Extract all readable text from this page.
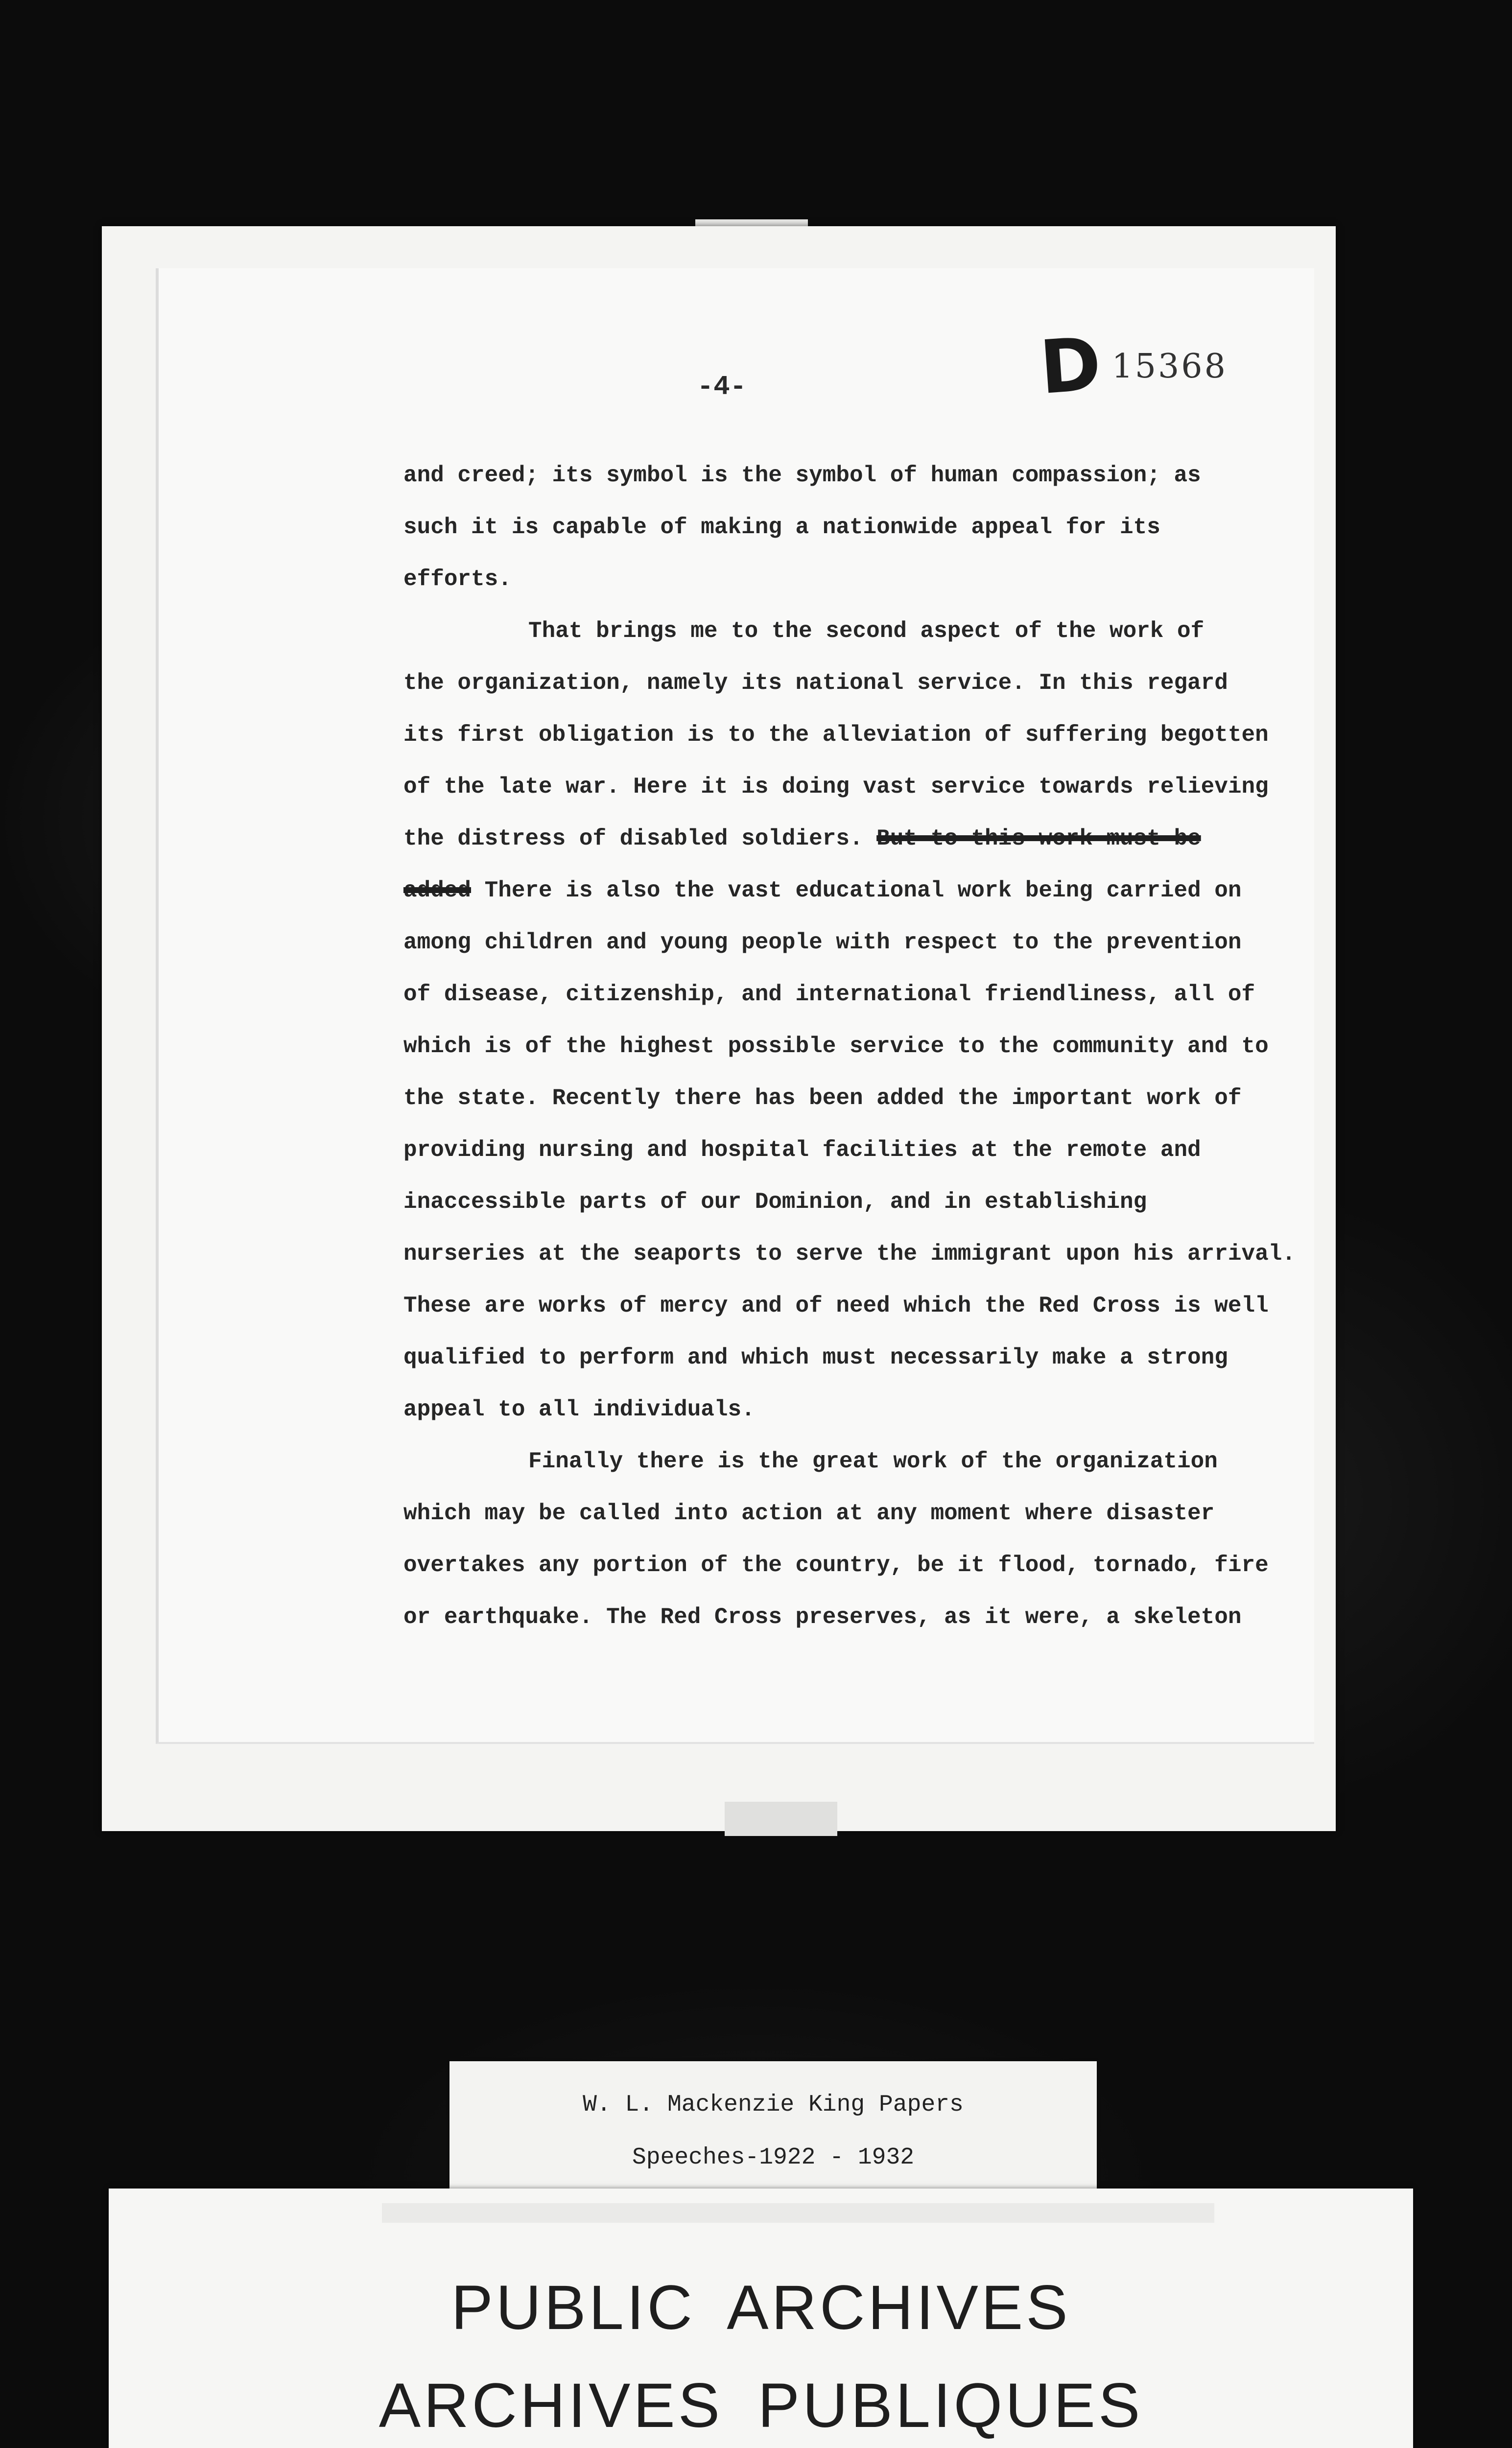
-4-	D 15368
and creed; its symbol is the symbol of human compassion; as
such it is capable of making a nationwide appeal for its
efforts.
That brings me to the second aspect of the work of
the organization, namely its national service. In this regard
its first obligation is to the alleviation of suffering begotten
of the late war. Here it is doing vast service towards relieving
the distress of disabled soldiers. But to this work must be
added There is also the vast educational work being carried on
among children and young people with respect to the prevention
of disease, citizenship, and international friendliness, all of
which is of the highest possible service to the community and to
the state. Recently there has been added the important work of
providing nursing and hospital facilities at the remote and
inaccessible parts of our Dominion, and in establishing
nurseries at the seaports to serve the immigrant upon his arrival.
These are works of mercy and of need which the Red Cross is well
qualified to perform and which must necessarily make a strong
appeal to all individuals.
Finally there is the great work of the organization
which may be called into action at any moment where disaster
overtakes any portion of the country, be it flood, tornado, fire
or earthquake. The Red Cross preserves, as it were, a skeleton
W. L. Mackenzie King Papers
Speeches-1922 - 1932
PUBLIC ARCHIVES
ARCHIVES PUBLIQUES
